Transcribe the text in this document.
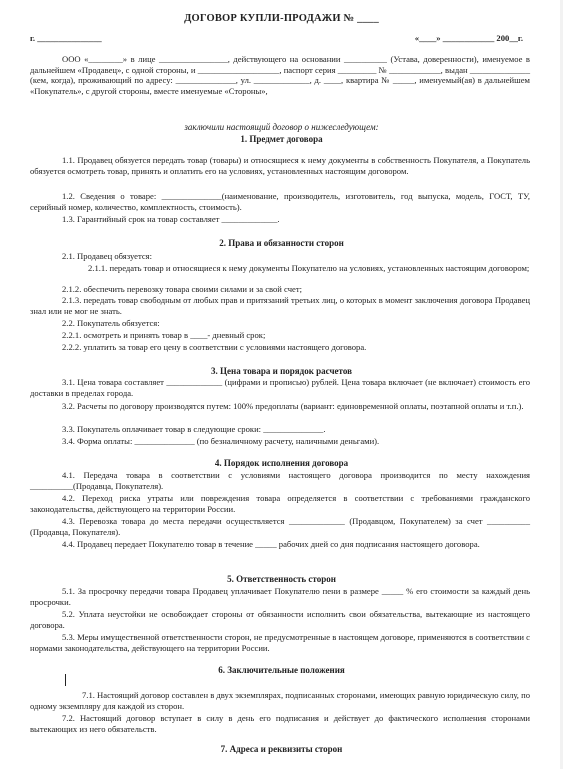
ДОГОВОР КУПЛИ-ПРОДАЖИ № ____
г. _______________	«____» ____________ 200__г.
ООО «________» в лице ________________, действующего на основании __________ (Устава, доверенности), именуемое в дальнейшем «Продавец», с одной стороны, и ___________________, паспорт серия _________ № ____________, выдан ______________ (кем, когда), проживающий по адресу: ______________, ул. _____________, д. ____, квартира № _____, именуемый(ая) в дальнейшем «Покупатель», с другой стороны, вместе именуемые «Стороны»,
заключили настоящий договор о нижеследующем:
1. Предмет договора
1.1. Продавец обязуется передать товар (товары) и относящиеся к нему документы в собственность Покупателя, а Покупатель обязуется осмотреть товар, принять и оплатить его на условиях, установленных настоящим договором.
1.2. Сведения о товаре: ______________(наименование, производитель, изготовитель, год выпуска, модель, ГОСТ, ТУ, серийный номер, количество, комплектность, стоимость).
1.3. Гарантийный срок на товар составляет _____________.
2. Права и обязанности сторон
2.1. Продавец обязуется:
2.1.1. передать товар и относящиеся к нему документы Покупателю на условиях, установленных настоящим договором;
2.1.2. обеспечить перевозку товара своими силами и за свой счет;
2.1.3. передать товар свободным от любых прав и притязаний третьих лиц, о которых в момент заключения договора Продавец знал или не мог не знать.
2.2. Покупатель обязуется:
2.2.1. осмотреть и принять товар в ____- дневный срок;
2.2.2. уплатить за товар его цену в соответствии с условиями настоящего договора.
3. Цена товара и порядок расчетов
3.1. Цена товара составляет _____________ (цифрами и прописью) рублей. Цена товара включает (не включает) стоимость его доставки в пределах города.
3.2. Расчеты по договору производятся путем: 100% предоплаты (вариант: единовременной оплаты, поэтапной оплаты и т.п.).
3.3. Покупатель оплачивает товар в следующие сроки: ______________.
3.4. Форма оплаты: ______________ (по безналичному расчету, наличными деньгами).
4. Порядок исполнения договора
4.1. Передача товара в соответствии с условиями настоящего договора производится по месту нахождения __________(Продавца, Покупателя).
4.2. Переход риска утраты или повреждения товара определяется в соответствии с требованиями гражданского законодательства, действующего на территории России.
4.3. Перевозка товара до места передачи осуществляется _____________ (Продавцом, Покупателем) за счет __________ (Продавца, Покупателя).
4.4. Продавец передает Покупателю товар в течение _____ рабочих дней со дня подписания настоящего договора.
5. Ответственность сторон
5.1. За просрочку передачи товара Продавец уплачивает Покупателю пени в размере _____ % его стоимости за каждый день просрочки.
5.2. Уплата неустойки не освобождает стороны от обязанности исполнить свои обязательства, вытекающие из настоящего договора.
5.3. Меры имущественной ответственности сторон, не предусмотренные в настоящем договоре, применяются в соответствии с нормами законодательства, действующего на территории России.
6. Заключительные положения
7.1. Настоящий договор составлен в двух экземплярах, подписанных сторонами, имеющих равную юридическую силу, по одному экземпляру для каждой из сторон.
7.2. Настоящий договор вступает в силу в день его подписания и действует до фактического исполнения сторонами вытекающих из него обязательств.
7. Адреса и реквизиты сторон
